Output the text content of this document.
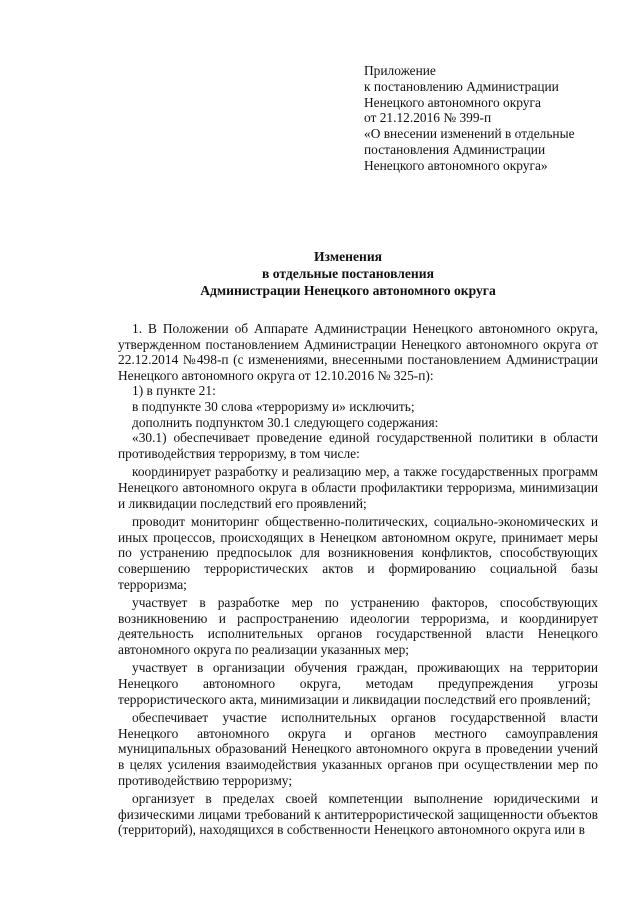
Приложение
к постановлению Администрации
Ненецкого автономного округа
от 21.12.2016 № 399-п
«О внесении изменений в отдельные
постановления Администрации
Ненецкого автономного округа»
Изменения
в отдельные постановления
Администрации Ненецкого автономного округа

1. В Положении об Аппарате Администрации Ненецкого автономного округа, утвержденном постановлением Администрации Ненецкого автономного округа от 22.12.2014 №498-п (с изменениями, внесенными постановлением Администрации Ненецкого автономного округа от 12.10.2016 № 325-п):

1) в пункте 21:

в подпункте 30 слова «терроризму и» исключить;

дополнить подпунктом 30.1 следующего содержания:

«30.1) обеспечивает проведение единой государственной политики в области противодействия терроризму, в том числе:

координирует разработку и реализацию мер, а также государственных программ Ненецкого автономного округа в области профилактики терроризма, минимизации и ликвидации последствий его проявлений;

проводит мониторинг общественно-политических, социально-экономических и иных процессов, происходящих в Ненецком автономном округе, принимает меры по устранению предпосылок для возникновения конфликтов, способствующих совершению террористических актов и формированию социальной базы терроризма;

участвует в разработке мер по устранению факторов, способствующих возникновению и распространению идеологии терроризма, и координирует деятельность исполнительных органов государственной власти Ненецкого автономного округа по реализации указанных мер;

участвует в организации обучения граждан, проживающих на территории Ненецкого автономного округа, методам предупреждения угрозы террористического акта, минимизации и ликвидации последствий его проявлений;

обеспечивает участие исполнительных органов государственной власти Ненецкого автономного округа и органов местного самоуправления муниципальных образований Ненецкого автономного округа в проведении учений в целях усиления взаимодействия указанных органов при осуществлении мер по противодействию терроризму;

организует в пределах своей компетенции выполнение юридическими и физическими лицами требований к антитеррористической защищенности объектов (территорий), находящихся в собственности Ненецкого автономного округа или в
